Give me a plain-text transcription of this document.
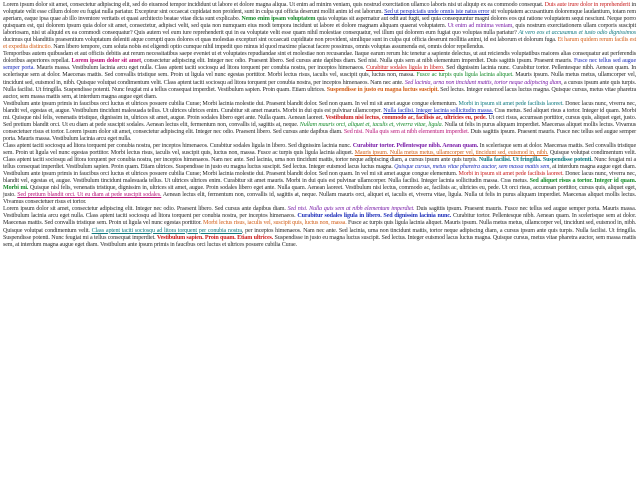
Lorem ipsum dolor sit amet, consectetur adipiscing elit, sed do eiusmod tempor incididunt ut labore et dolore magna aliqua. Ut enim ad minim veniam, quis nostrud exercitation ullamco laboris nisi ut aliquip ex ea commodo consequat. Duis aute irure dolor in reprehenderit in voluptate velit esse cillum dolore eu fugiat nulla pariatur. Excepteur sint occaecat cupidatat non proident, sunt in culpa qui officia deserunt mollit anim id est laborum. Sed ut perspiciatis unde omnis iste natus error sit voluptatem accusantium doloremque laudantium, totam rem aperiam, eaque ipsa quae ab illo inventore veritatis et quasi architecto beatae vitae dicta sunt explicabo. Nemo enim ipsam voluptatem quia voluptas sit aspernatur aut odit aut fugit, sed quia consequuntur magni dolores eos qui ratione voluptatem sequi nesciunt. Neque porro quisquam est, qui dolorem ipsum quia dolor sit amet, consectetur, adipisci velit, sed quia non numquam eius modi tempora incidunt ut labore et dolore magnam aliquam quaerat voluptatem. Ut enim ad minima veniam, quis nostrum exercitationem ullam corporis suscipit laboriosam, nisi ut aliquid ex ea commodi consequatur? Quis autem vel eum iure reprehenderit qui in ea voluptate velit esse quam nihil molestiae consequatur, vel illum qui dolorem eum fugiat quo voluptas nulla pariatur? At vero eos et accusamus et iusto odio dignissimos ducimus qui blanditiis praesentium voluptatum deleniti atque corrupti quos dolores et quas molestias excepturi sint occaecati cupiditate non provident, similique sunt in culpa qui officia deserunt mollitia animi, id est laborum et dolorum fuga. Et harum quidem rerum facilis est et expedita distinctio. Nam libero tempore, cum soluta nobis est eligendi optio cumque nihil impedit quo minus id quod maxime placeat facere possimus, omnis voluptas assumenda est, omnis dolor repellendus.

Temporibus autem quibusdam et aut officiis debitis aut rerum necessitatibus saepe eveniet ut et voluptates repudiandae sint et molestiae non recusandae. Itaque earum rerum hic tenetur a sapiente delectus, ut aut reiciendis voluptatibus maiores alias consequatur aut perferendis doloribus asperiores repellat. Lorem ipsum dolor sit amet, consectetur adipiscing elit. Integer nec odio. Praesent libero. Sed cursus ante dapibus diam. Sed nisi. Nulla quis sem at nibh elementum imperdiet. Duis sagittis ipsum. Praesent mauris. Fusce nec tellus sed augue semper porta. Mauris massa. Vestibulum lacinia arcu eget nulla. Class aptent taciti sociosqu ad litora torquent per conubia nostra, per inceptos himenaeos. Curabitur sodales ligula in libero. Sed dignissim lacinia nunc. Curabitur tortor. Pellentesque nibh. Aenean quam. In scelerisque sem at dolor. Maecenas mattis. Sed convallis tristique sem. Proin ut ligula vel nunc egestas porttitor. Morbi lectus risus, iaculis vel, suscipit quis, luctus non, massa. Fusce ac turpis quis ligula lacinia aliquet. Mauris ipsum. Nulla metus metus, ullamcorper vel, tincidunt sed, euismod in, nibh. Quisque volutpat condimentum velit. Class aptent taciti sociosqu ad litora torquent per conubia nostra, per inceptos himenaeos. Nam nec ante. Sed lacinia, urna non tincidunt mattis, tortor neque adipiscing diam, a cursus ipsum ante quis turpis. Nulla facilisi. Ut fringilla. Suspendisse potenti. Nunc feugiat mi a tellus consequat imperdiet. Vestibulum sapien. Proin quam. Etiam ultrices. Suspendisse in justo eu magna luctus suscipit. Sed lectus. Integer euismod lacus luctus magna. Quisque cursus, metus vitae pharetra auctor, sem massa mattis sem, at interdum magna augue eget diam.

Vestibulum ante ipsum primis in faucibus orci luctus et ultrices posuere cubilia Curae; Morbi lacinia molestie dui. Praesent blandit dolor. Sed non quam. In vel mi sit amet augue congue elementum. Morbi in ipsum sit amet pede facilisis laoreet. Donec lacus nunc, viverra nec, blandit vel, egestas et, augue. Vestibulum tincidunt malesuada tellus. Ut ultrices ultrices enim. Curabitur sit amet mauris. Morbi in dui quis est pulvinar ullamcorper. Nulla facilisi. Integer lacinia sollicitudin massa. Cras metus. Sed aliquet risus a tortor. Integer id quam. Morbi mi. Quisque nisl felis, venenatis tristique, dignissim in, ultrices sit amet, augue. Proin sodales libero eget ante. Nulla quam. Aenean laoreet. Vestibulum nisi lectus, commodo ac, facilisis ac, ultricies eu, pede. Ut orci risus, accumsan porttitor, cursus quis, aliquet eget, justo. Sed pretium blandit orci. Ut eu diam at pede suscipit sodales. Aenean lectus elit, fermentum non, convallis id, sagittis at, neque. Nullam mauris orci, aliquet et, iaculis et, viverra vitae, ligula. Nulla ut felis in purus aliquam imperdiet. Maecenas aliquet mollis lectus. Vivamus consectetuer risus et tortor. Lorem ipsum dolor sit amet, consectetur adipiscing elit. Integer nec odio. Praesent libero. Sed cursus ante dapibus diam. Sed nisi. Nulla quis sem at nibh elementum imperdiet. Duis sagittis ipsum. Praesent mauris. Fusce nec tellus sed augue semper porta. Mauris massa. Vestibulum lacinia arcu eget nulla.

Class aptent taciti sociosqu ad litora torquent per conubia nostra, per inceptos himenaeos. Curabitur sodales ligula in libero. Sed dignissim lacinia nunc. Curabitur tortor. Pellentesque nibh. Aenean quam. In scelerisque sem at dolor. Maecenas mattis. Sed convallis tristique sem. Proin ut ligula vel nunc egestas porttitor. Morbi lectus risus, iaculis vel, suscipit quis, luctus non, massa. Fusce ac turpis quis ligula lacinia aliquet. Mauris ipsum. Nulla metus metus, ullamcorper vel, tincidunt sed, euismod in, nibh. Quisque volutpat condimentum velit. Class aptent taciti sociosqu ad litora torquent per conubia nostra, per inceptos himenaeos. Nam nec ante. Sed lacinia, urna non tincidunt mattis, tortor neque adipiscing diam, a cursus ipsum ante quis turpis. Nulla facilisi. Ut fringilla. Suspendisse potenti. Nunc feugiat mi a tellus consequat imperdiet. Vestibulum sapien. Proin quam. Etiam ultrices. Suspendisse in justo eu magna luctus suscipit. Sed lectus. Integer euismod lacus luctus magna. Quisque cursus, metus vitae pharetra auctor, sem massa mattis sem, at interdum magna augue eget diam. Vestibulum ante ipsum primis in faucibus orci luctus et ultrices posuere cubilia Curae; Morbi lacinia molestie dui. Praesent blandit dolor. Sed non quam. In vel mi sit amet augue congue elementum. Morbi in ipsum sit amet pede facilisis laoreet. Donec lacus nunc, viverra nec, blandit vel, egestas et, augue. Vestibulum tincidunt malesuada tellus. Ut ultrices ultrices enim. Curabitur sit amet mauris. Morbi in dui quis est pulvinar ullamcorper. Nulla facilisi. Integer lacinia sollicitudin massa. Cras metus. Sed aliquet risus a tortor. Integer id quam. Morbi mi. Quisque nisl felis, venenatis tristique, dignissim in, ultrices sit amet, augue. Proin sodales libero eget ante. Nulla quam. Aenean laoreet. Vestibulum nisi lectus, commodo ac, facilisis ac, ultricies eu, pede. Ut orci risus, accumsan porttitor, cursus quis, aliquet eget, justo. Sed pretium blandit orci. Ut eu diam at pede suscipit sodales. Aenean lectus elit, fermentum non, convallis id, sagittis at, neque. Nullam mauris orci, aliquet et, iaculis et, viverra vitae, ligula. Nulla ut felis in purus aliquam imperdiet. Maecenas aliquet mollis lectus. Vivamus consectetuer risus et tortor.

Lorem ipsum dolor sit amet, consectetur adipiscing elit. Integer nec odio. Praesent libero. Sed cursus ante dapibus diam. Sed nisi. Nulla quis sem at nibh elementum imperdiet. Duis sagittis ipsum. Praesent mauris. Fusce nec tellus sed augue semper porta. Mauris massa. Vestibulum lacinia arcu eget nulla. Class aptent taciti sociosqu ad litora torquent per conubia nostra, per inceptos himenaeos. Curabitur sodales ligula in libero. Sed dignissim lacinia nunc. Curabitur tortor. Pellentesque nibh. Aenean quam. In scelerisque sem at dolor. Maecenas mattis. Sed convallis tristique sem. Proin ut ligula vel nunc egestas porttitor. Morbi lectus risus, iaculis vel, suscipit quis, luctus non, massa. Fusce ac turpis quis ligula lacinia aliquet. Mauris ipsum. Nulla metus metus, ullamcorper vel, tincidunt sed, euismod in, nibh. Quisque volutpat condimentum velit. Class aptent taciti sociosqu ad litora torquent per conubia nostra, per inceptos himenaeos. Nam nec ante. Sed lacinia, urna non tincidunt mattis, tortor neque adipiscing diam, a cursus ipsum ante quis turpis. Nulla facilisi. Ut fringilla. Suspendisse potenti. Nunc feugiat mi a tellus consequat imperdiet. Vestibulum sapien. Proin quam. Etiam ultrices. Suspendisse in justo eu magna luctus suscipit. Sed lectus. Integer euismod lacus luctus magna. Quisque cursus, metus vitae pharetra auctor, sem massa mattis sem, at interdum magna augue eget diam. Vestibulum ante ipsum primis in faucibus orci luctus et ultrices posuere cubilia Curae.
